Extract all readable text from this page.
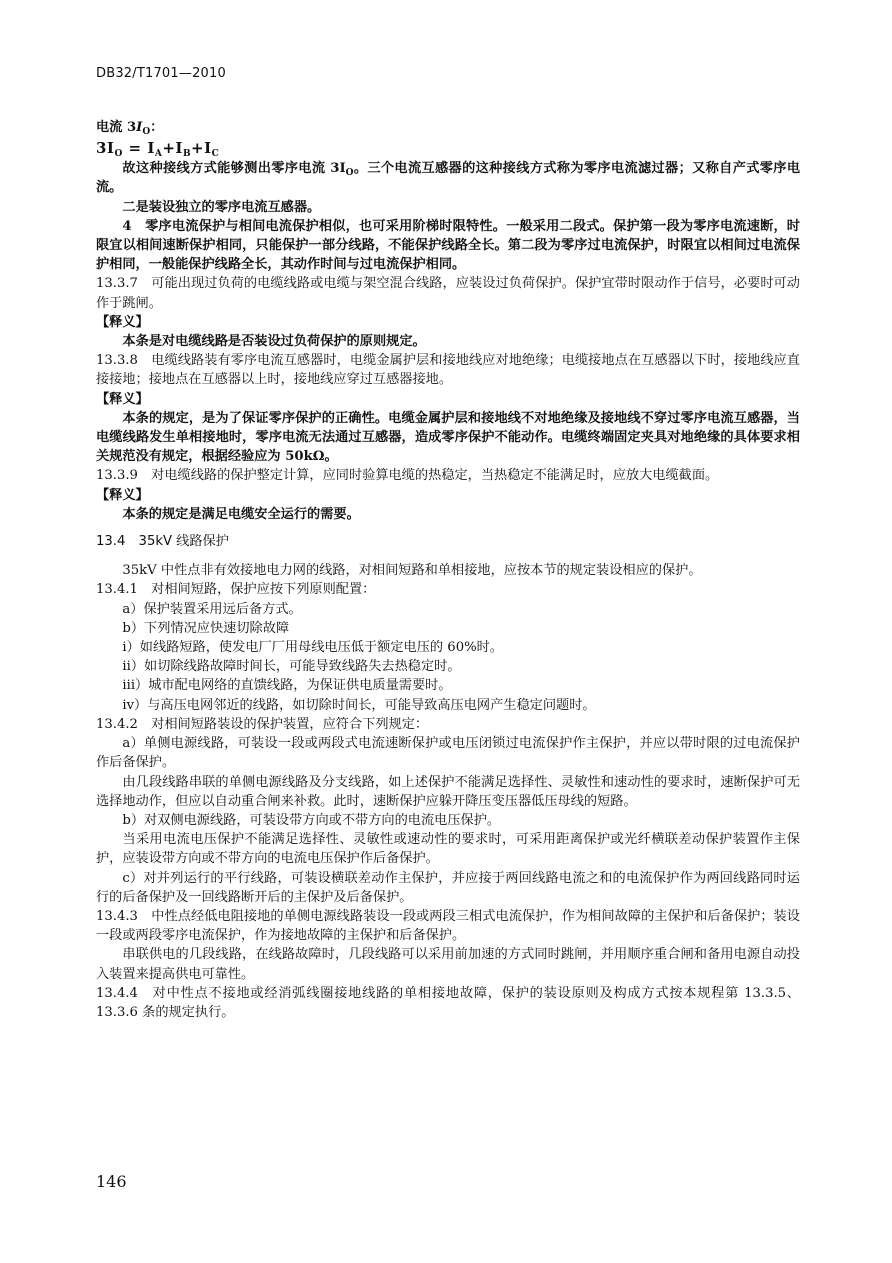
DB32/T1701—2010

电流 $3I_O$：

$3I_O = I_A+I_B+I_C$

故这种接线方式能够测出零序电流 $3I_O$。三个电流互感器的这种接线方式称为零序电流滤过器；又称自产式零序电流。

二是装设独立的零序电流互感器。

4　零序电流保护与相间电流保护相似，也可采用阶梯时限特性。一般采用二段式。保护第一段为零序电流速断，时限宜以相间速断保护相同，只能保护一部分线路，不能保护线路全长。第二段为零序过电流保护，时限宜以相间过电流保护相同，一般能保护线路全长，其动作时间与过电流保护相同。

13.3.7　可能出现过负荷的电缆线路或电缆与架空混合线路，应装设过负荷保护。保护宜带时限动作于信号，必要时可动作于跳闸。

【释义】

本条是对电缆线路是否装设过负荷保护的原则规定。

13.3.8　电缆线路装有零序电流互感器时，电缆金属护层和接地线应对地绝缘；电缆接地点在互感器以下时，接地线应直接接地；接地点在互感器以上时，接地线应穿过互感器接地。

【释义】

本条的规定，是为了保证零序保护的正确性。电缆金属护层和接地线不对地绝缘及接地线不穿过零序电流互感器，当电缆线路发生单相接地时，零序电流无法通过互感器，造成零序保护不能动作。电缆终端固定夹具对地绝缘的具体要求相关规范没有规定，根据经验应为 50kΩ。

13.3.9　对电缆线路的保护整定计算，应同时验算电缆的热稳定，当热稳定不能满足时，应放大电缆截面。

【释义】

本条的规定是满足电缆安全运行的需要。

13.4　35kV 线路保护

35kV 中性点非有效接地电力网的线路，对相间短路和单相接地，应按本节的规定装设相应的保护。

13.4.1　对相间短路，保护应按下列原则配置：

a）保护装置采用远后备方式。

b）下列情况应快速切除故障

i）如线路短路，使发电厂厂用母线电压低于额定电压的 60%时。

ii）如切除线路故障时间长，可能导致线路失去热稳定时。

iii）城市配电网络的直馈线路，为保证供电质量需要时。

iv）与高压电网邻近的线路，如切除时间长，可能导致高压电网产生稳定问题时。

13.4.2　对相间短路装设的保护装置，应符合下列规定：

a）单侧电源线路，可装设一段或两段式电流速断保护或电压闭锁过电流保护作主保护，并应以带时限的过电流保护作后备保护。

由几段线路串联的单侧电源线路及分支线路，如上述保护不能满足选择性、灵敏性和速动性的要求时，速断保护可无选择地动作，但应以自动重合闸来补救。此时，速断保护应躲开降压变压器低压母线的短路。

b）对双侧电源线路，可装设带方向或不带方向的电流电压保护。

当采用电流电压保护不能满足选择性、灵敏性或速动性的要求时，可采用距离保护或光纤横联差动保护装置作主保护，应装设带方向或不带方向的电流电压保护作后备保护。

c）对并列运行的平行线路，可装设横联差动作主保护，并应接于两回线路电流之和的电流保护作为两回线路同时运行的后备保护及一回线路断开后的主保护及后备保护。

13.4.3　中性点经低电阻接地的单侧电源线路装设一段或两段三相式电流保护，作为相间故障的主保护和后备保护；装设一段或两段零序电流保护，作为接地故障的主保护和后备保护。

串联供电的几段线路，在线路故障时，几段线路可以采用前加速的方式同时跳闸，并用顺序重合闸和备用电源自动投入装置来提高供电可靠性。

13.4.4　对中性点不接地或经消弧线圈接地线路的单相接地故障，保护的装设原则及构成方式按本规程第 13.3.5、13.3.6 条的规定执行。

146
